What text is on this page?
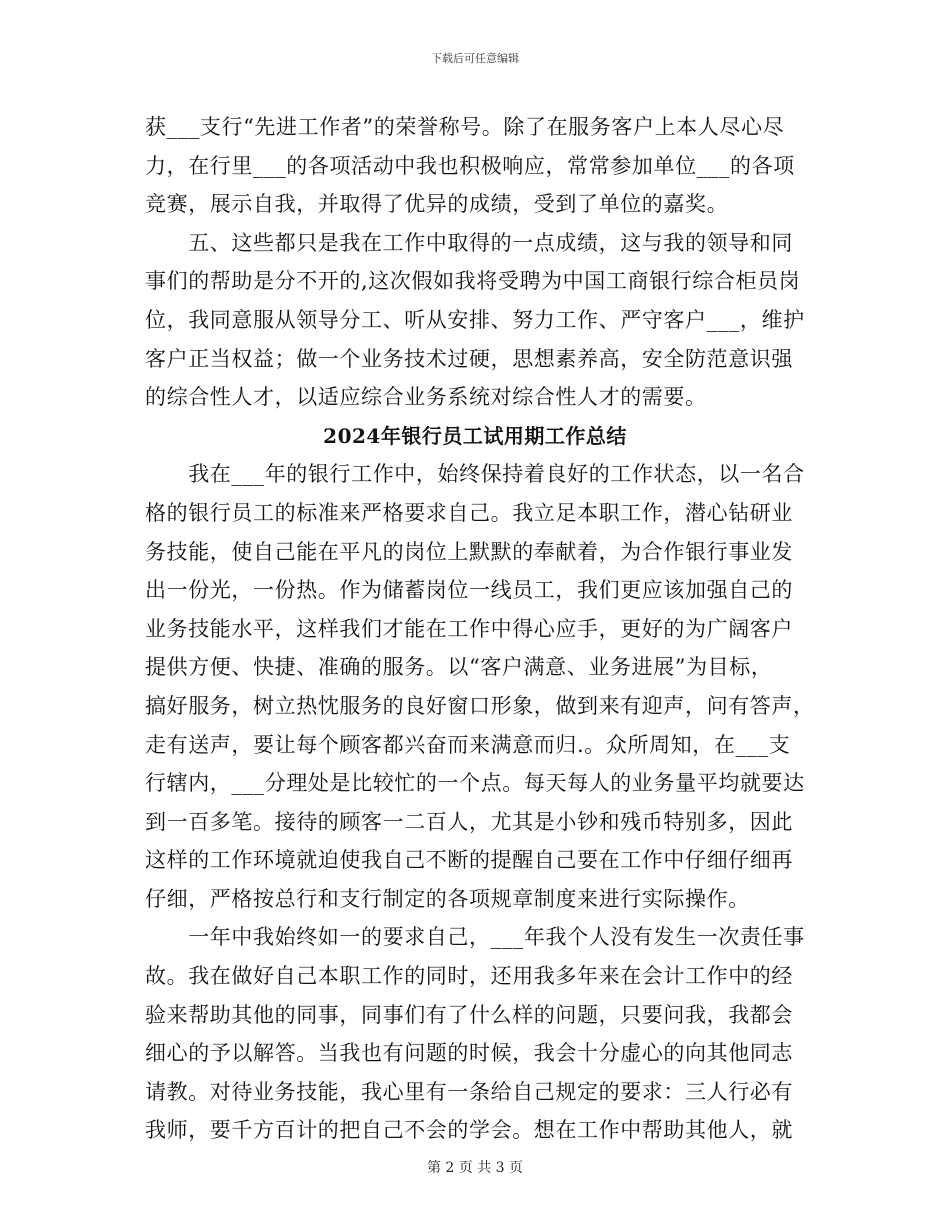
下载后可任意编辑
获___支行“先进工作者”的荣誉称号。除了在服务客户上本人尽心尽
力，在行里___的各项活动中我也积极响应，常常参加单位___的各项
竞赛，展示自我，并取得了优异的成绩，受到了单位的嘉奖。
　　五、这些都只是我在工作中取得的一点成绩，这与我的领导和同
事们的帮助是分不开的,这次假如我将受聘为中国工商银行综合柜员岗
位，我同意服从领导分工、听从安排、努力工作、严守客户___，维护
客户正当权益；做一个业务技术过硬，思想素养高，安全防范意识强
的综合性人才，以适应综合业务系统对综合性人才的需要。
2024年银行员工试用期工作总结
　　我在___年的银行工作中，始终保持着良好的工作状态，以一名合
格的银行员工的标准来严格要求自己。我立足本职工作，潜心钻研业
务技能，使自己能在平凡的岗位上默默的奉献着，为合作银行事业发
出一份光，一份热。作为储蓄岗位一线员工，我们更应该加强自己的
业务技能水平，这样我们才能在工作中得心应手，更好的为广阔客户
提供方便、快捷、准确的服务。以“客户满意、业务进展”为目标，
搞好服务，树立热忱服务的良好窗口形象，做到来有迎声，问有答声，
走有送声，要让每个顾客都兴奋而来满意而归.。众所周知，在___支
行辖内，___分理处是比较忙的一个点。每天每人的业务量平均就要达
到一百多笔。接待的顾客一二百人，尤其是小钞和残币特别多，因此
这样的工作环境就迫使我自己不断的提醒自己要在工作中仔细仔细再
仔细，严格按总行和支行制定的各项规章制度来进行实际操作。
　　一年中我始终如一的要求自己，___年我个人没有发生一次责任事
故。我在做好自己本职工作的同时，还用我多年来在会计工作中的经
验来帮助其他的同事，同事们有了什么样的问题，只要问我，我都会
细心的予以解答。当我也有问题的时候，我会十分虚心的向其他同志
请教。对待业务技能，我心里有一条给自己规定的要求：三人行必有
我师，要千方百计的把自己不会的学会。想在工作中帮助其他人，就
第 2 页 共 3 页
